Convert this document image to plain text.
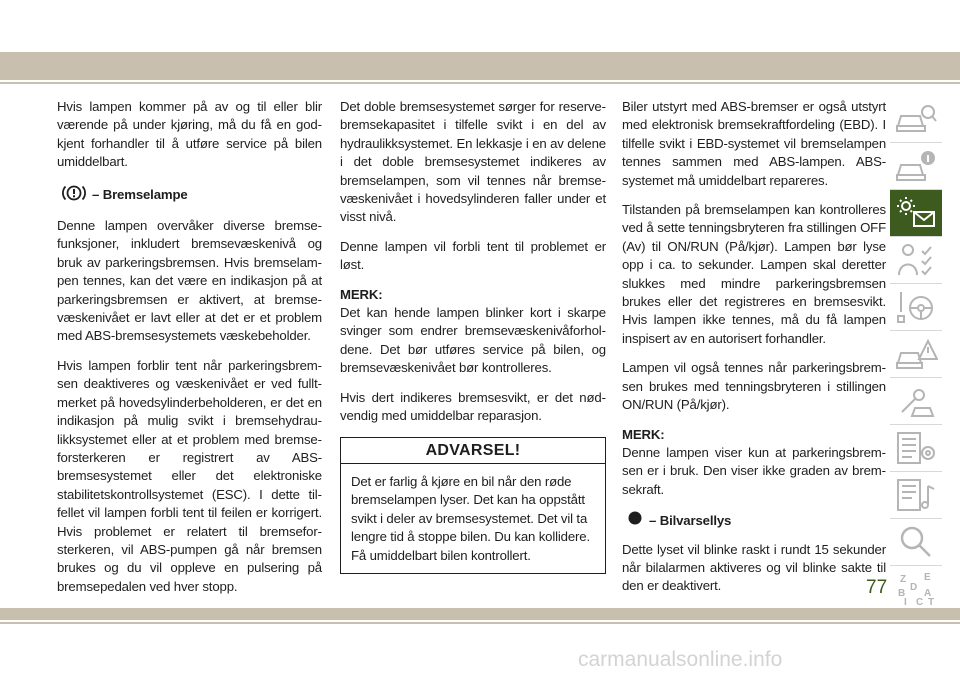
Hvis lampen kommer på av og til eller blir værende på under kjøring, må du få en godkjent forhandler til å utføre service på bilen umiddelbart.

– Bremselampe

Denne lampen overvåker diverse bremsefunksjoner, inkludert bremsevæskenivå og bruk av parkeringsbremsen. Hvis bremselampen tennes, kan det være en indikasjon på at parkeringsbremsen er aktivert, at bremsevæskenivået er lavt eller at det er et problem med ABS-bremsesystemets væskebeholder.

Hvis lampen forblir tent når parkeringsbremsen deaktiveres og væskenivået er ved fulltmerket på hovedsylinderbeholderen, er det en indikasjon på mulig svikt i bremsehydraulikksystemet eller at et problem med bremseforsterkeren er registrert av ABS-bremsesystemet eller det elektroniske stabilitetskontrollsystemet (ESC). I dette tilfellet vil lampen forbli tent til feilen er korrigert. Hvis problemet er relatert til bremseforsterkeren, vil ABS-pumpen gå når bremsen brukes og du vil oppleve en pulsering på bremsepedalen ved hver stopp.

Det doble bremsesystemet sørger for reservebremsekapasitet i tilfelle svikt i en del av hydraulikksystemet. En lekkasje i en av delene i det doble bremsesystemet indikeres av bremselampen, som vil tennes når bremsevæskenivået i hovedsylinderen faller under et visst nivå.

Denne lampen vil forbli tent til problemet er løst.

MERK:

Det kan hende lampen blinker kort i skarpe svinger som endrer bremsevæskenivåforholdene. Det bør utføres service på bilen, og bremsevæskenivået bør kontrolleres.

Hvis dert indikeres bremsesvikt, er det nødvendig med umiddelbar reparasjon.

ADVARSEL!
Det er farlig å kjøre en bil når den røde bremselampen lyser. Det kan ha oppstått svikt i deler av bremsesystemet. Det vil ta lengre tid å stoppe bilen. Du kan kollidere. Få umiddelbart bilen kontrollert.

Biler utstyrt med ABS-bremser er også utstyrt med elektronisk bremsekraftfordeling (EBD). I tilfelle svikt i EBD-systemet vil bremselampen tennes sammen med ABS-lampen. ABS-systemet må umiddelbart repareres.

Tilstanden på bremselampen kan kontrolleres ved å sette tenningsbryteren fra stillingen OFF (Av) til ON/RUN (På/kjør). Lampen bør lyse opp i ca. to sekunder. Lampen skal deretter slukkes med mindre parkeringsbremsen brukes eller det registreres en bremsesvikt. Hvis lampen ikke tennes, må du få lampen inspisert av en autorisert forhandler.

Lampen vil også tennes når parkeringsbremsen brukes med tenningsbryteren i stillingen ON/RUN (På/kjør).

MERK:

Denne lampen viser kun at parkeringsbremsen er i bruk. Den viser ikke graden av bremsekraft.

– Bilvarsellys

Dette lyset vil blinke raskt i rundt 15 sekunder når bilalarmen aktiveres og vil blinke sakte til den er deaktivert.	Z E
D
B A
I C T
77
carmanualsonline.info
